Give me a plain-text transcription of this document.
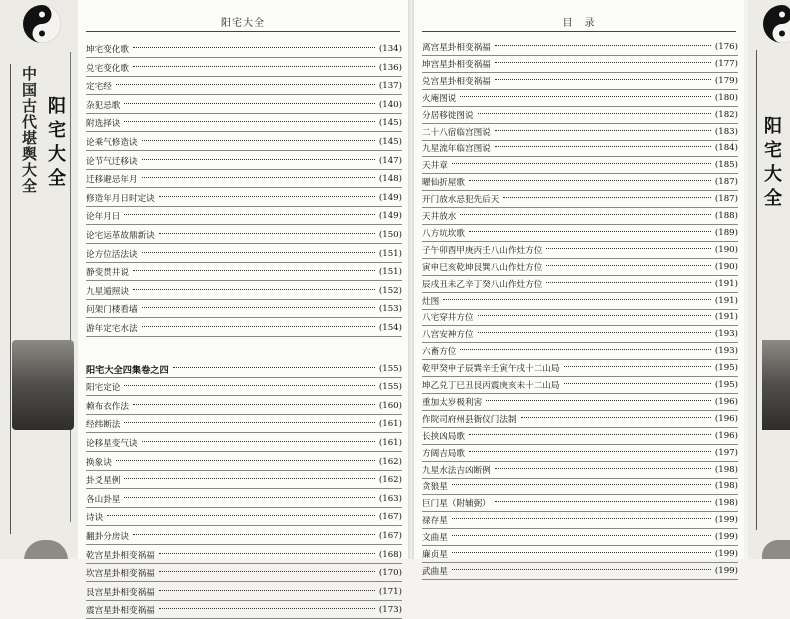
中国古代堪舆大全 阳宅大全
阳宅大全
坤宅变化歌	(134)
兑宅变化歌	(136)
定宅经	(137)
杂犯忌歌	(140)
附选择诀	(145)
论乘气修造诀	(145)
论节气迁移诀	(147)
迁移避忌年月	(148)
修造年月日时定诀	(149)
论年月日	(149)
论宅运革故鼎新诀	(150)
论方位活法诀	(151)
静变贯井说	(151)
九星遁照诀	(152)
问架门楼看墙	(153)
游年定宅水法	(154)
阳宅大全四集卷之四	(155)
阳宅定论	(155)
赖布衣作法	(160)
经纬断法	(161)
论移星变气诀	(161)
换象诀	(162)
卦爻星例	(162)
各山卦星	(163)
诗诀	(167)
翻卦分房诀	(167)
乾宫星卦相变祸福	(168)
坎宫星卦相变祸福	(170)
艮宫星卦相变祸福	(171)
震宫星卦相变祸福	(173)
目　录
离宫星卦相变祸福	(176)
坤宫星卦相变祸福	(177)
兑宫星卦相变祸福	(179)
火庵图说	(180)
分居移徙图说	(182)
二十八宿临宫图说	(183)
九星流年临宫图说	(184)
天井章	(185)
曜仙折屋歌	(187)
开门放水忌犯先后天	(187)
天井放水	(188)
八方坑坎歌	(189)
子午卯酉甲庚丙壬八山作灶方位	(190)
寅申巳亥乾坤艮巽八山作灶方位	(190)
辰戌丑未乙辛丁癸八山作灶方位	(191)
灶图	(191)
八宅穿井方位	(191)
八宫安神方位	(193)
六畜方位	(193)
乾甲癸申子辰巽辛壬寅午戌十二山局	(195)
坤乙兑丁巳丑艮丙震庚亥未十二山局	(195)
重加太岁极利害	(196)
作院司府州县衙仪门法制	(196)
长挟凶局歌	(196)
方阔吉局歌	(197)
九星水法吉凶断例	(198)
贪狼星	(198)
巨门星（附辅弼）	(198)
禄存星	(199)
文曲星	(199)
廉贞星	(199)
武曲星	(199)
阳宅大全
